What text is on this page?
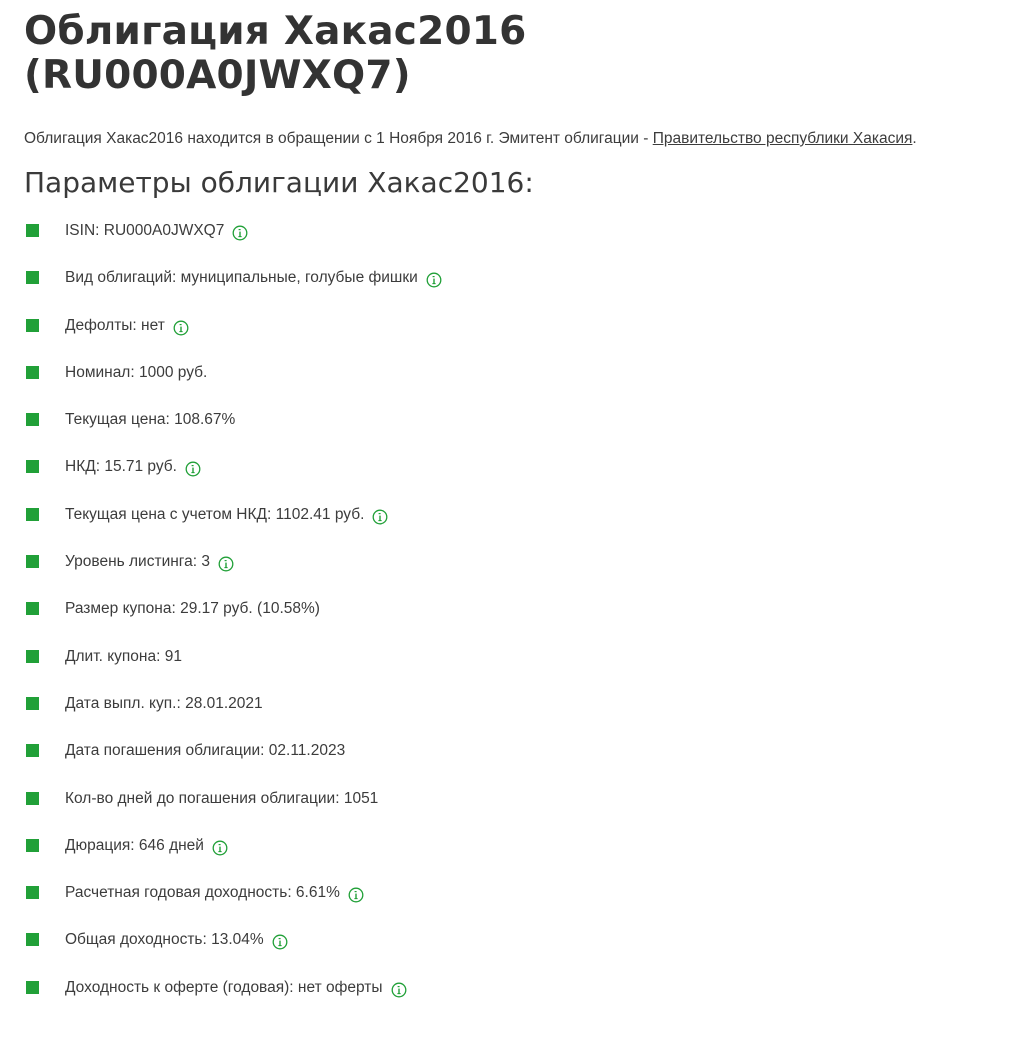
Облигация Хакас2016
(RU000A0JWXQ7)

Облигация Хакас2016 находится в обращении с 1 Ноября 2016 г. Эмитент облигации - Правительство республики Хакасия.

Параметры облигации Хакас2016:
ISIN: RU000A0JWXQ7
Вид облигаций: муниципальные, голубые фишки
Дефолты: нет
Номинал: 1000 руб.
Текущая цена: 108.67%
НКД: 15.71 руб.
Текущая цена с учетом НКД: 1102.41 руб.
Уровень листинга: 3
Размер купона: 29.17 руб. (10.58%)
Длит. купона: 91
Дата выпл. куп.: 28.01.2021
Дата погашения облигации: 02.11.2023
Кол-во дней до погашения облигации: 1051
Дюрация: 646 дней
Расчетная годовая доходность: 6.61%
Общая доходность: 13.04%
Доходность к оферте (годовая): нет оферты
